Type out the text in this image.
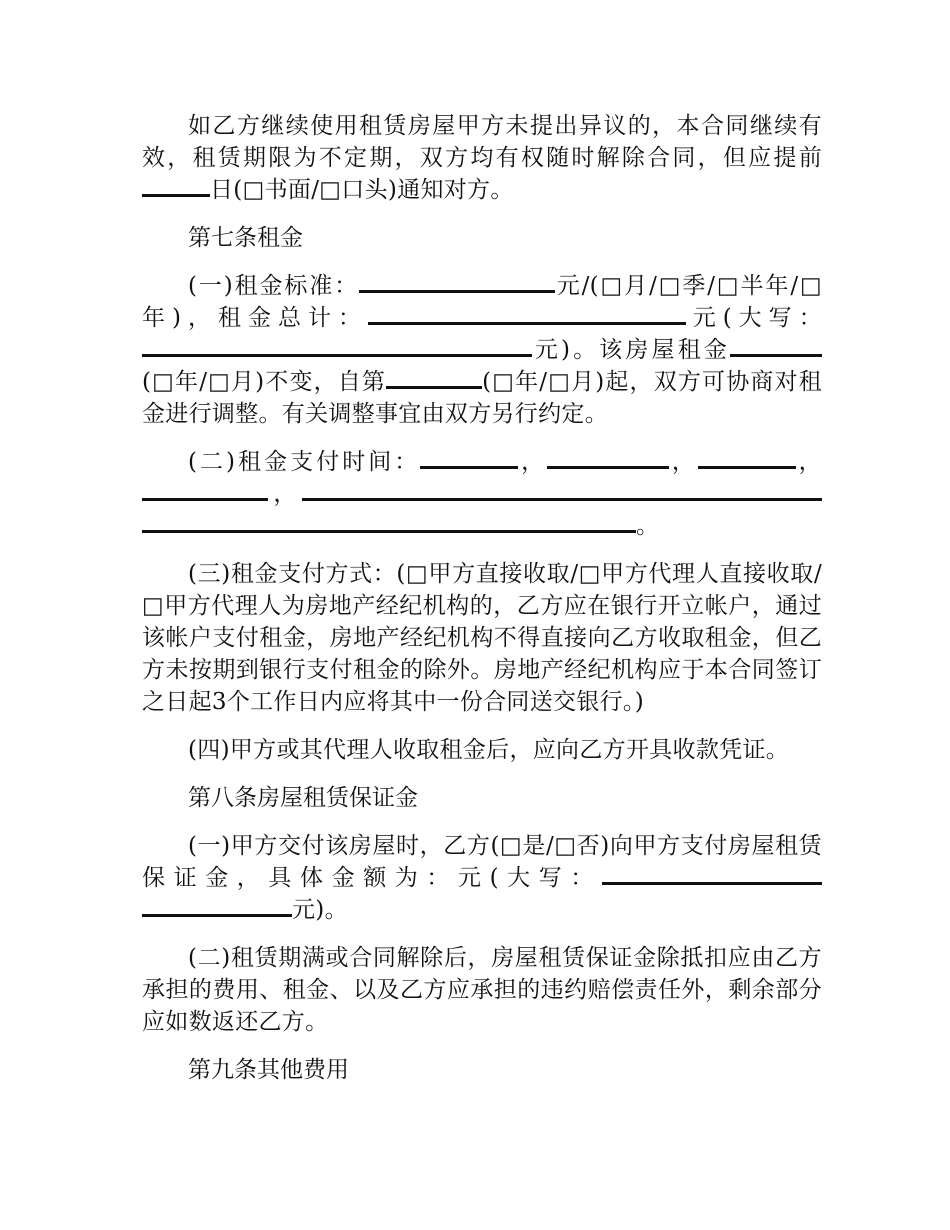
如乙方继续使用租赁房屋甲方未提出异议的，本合同继续有效，租赁期限为不定期，双方均有权随时解除合同，但应提前日(□书面/□口头)通知对方。

第七条租金

(一)租金标准：	元/(□月/□季/□半年/□年)，租金总计：	元(大写：元)。该房屋租金(□年/□月)不变，自第	(□年/□月)起，双方可协商对租金进行调整。有关调整事宜由双方另行约定。

(二)租金支付时间：	，	，	，，。

(三)租金支付方式：(□甲方直接收取/□甲方代理人直接收取/□甲方代理人为房地产经纪机构的，乙方应在银行开立帐户，通过该帐户支付租金，房地产经纪机构不得直接向乙方收取租金，但乙方未按期到银行支付租金的除外。房地产经纪机构应于本合同签订之日起3个工作日内应将其中一份合同送交银行。)

(四)甲方或其代理人收取租金后，应向乙方开具收款凭证。

第八条房屋租赁保证金

(一)甲方交付该房屋时，乙方(□是/□否)向甲方支付房屋租赁保证金，具体金额为：元(大写：元)。

(二)租赁期满或合同解除后，房屋租赁保证金除抵扣应由乙方承担的费用、租金、以及乙方应承担的违约赔偿责任外，剩余部分应如数返还乙方。

第九条其他费用
